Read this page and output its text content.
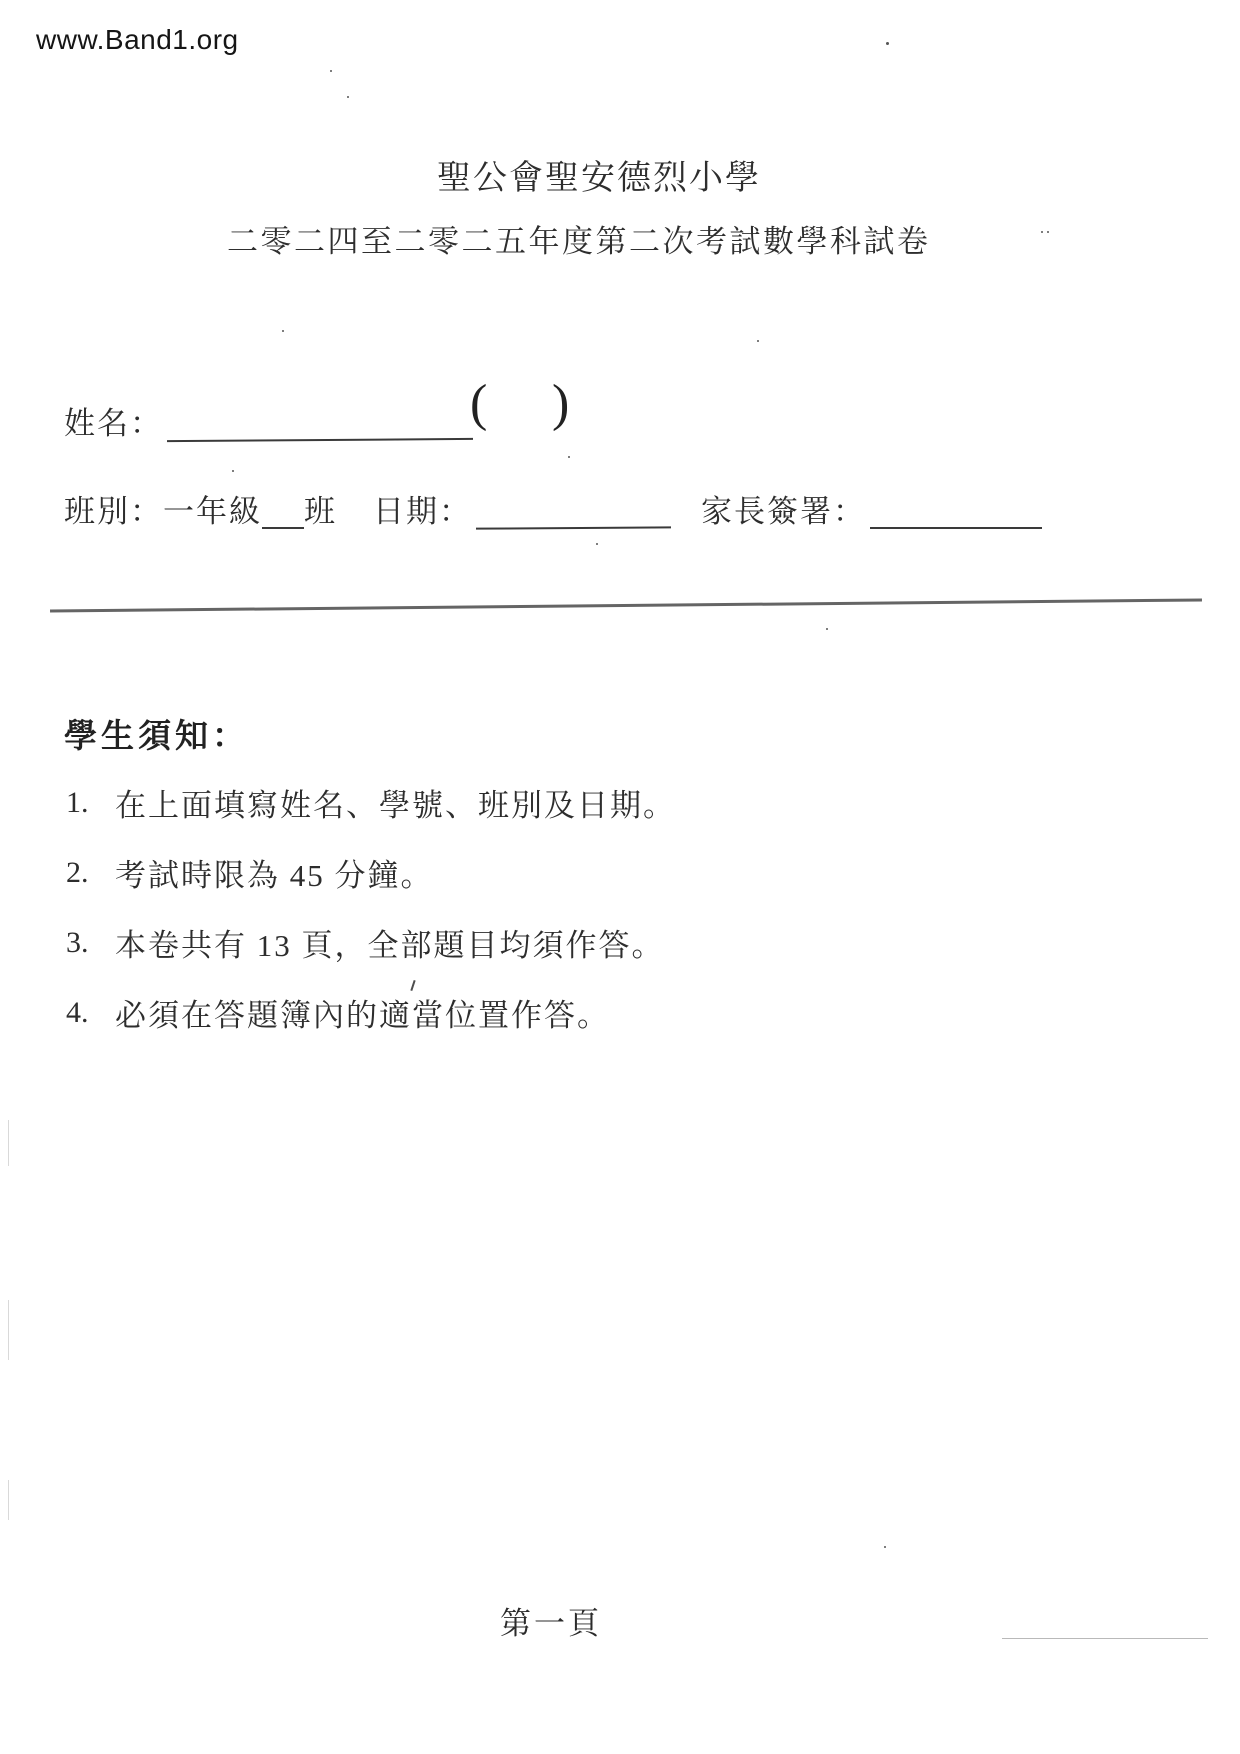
www.Band1.org
聖公會聖安德烈小學
二零二四至二零二五年度第二次考試數學科試卷
姓名：	( )
班別： 一年級 班 日期：	家長簽署：
學生須知：
1. 在上面填寫姓名、學號、班別及日期。
2. 考試時限為 45 分鐘。
3. 本卷共有 13 頁，全部題目均須作答。
4. 必須在答題簿內的適當位置作答。
第一頁
